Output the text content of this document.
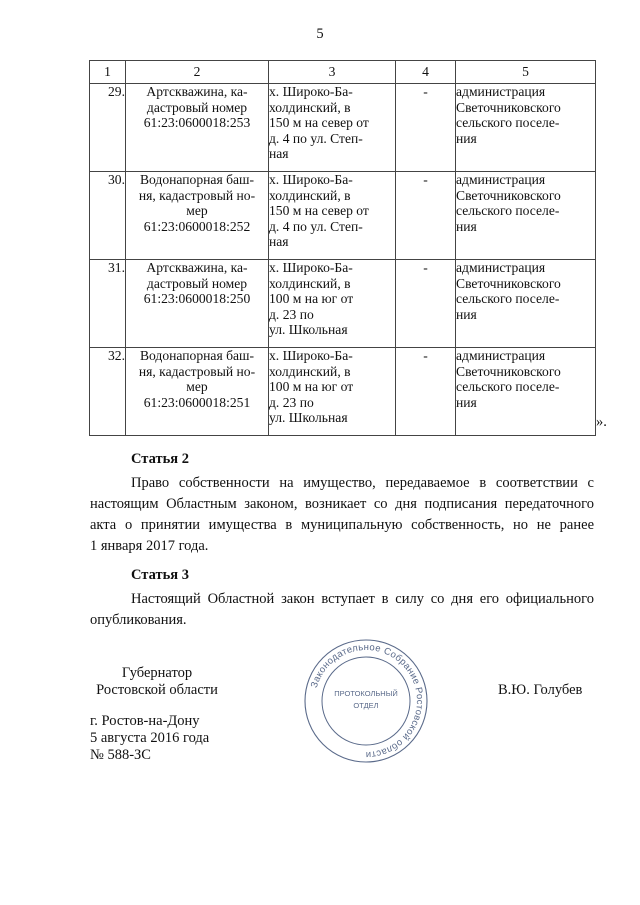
5
1	2	3	4	5
29.	Артскважина, ка-
дастровый номер
61:23:0600018:253	х. Широко-Ба-
холдинский, в
150 м на север от
д. 4 по ул. Степ-
ная	-	администрация
Светочниковского
сельского поселе-
ния

30.	Водонапорная баш-
ня, кадастровый но-
мер
61:23:0600018:252	х. Широко-Ба-
холдинский, в
150 м на север от
д. 4 по ул. Степ-
ная	-	администрация
Светочниковского
сельского поселе-
ния

31.	Артскважина, ка-
дастровый номер
61:23:0600018:250	х. Широко-Ба-
холдинский, в
100 м на юг от
д. 23 по
ул. Школьная	-	администрация
Светочниковского
сельского поселе-
ния

32.	Водонапорная баш-
ня, кадастровый но-
мер
61:23:0600018:251	х. Широко-Ба-
холдинский, в
100 м на юг от
д. 23 по
ул. Школьная	-	администрация
Светочниковского
сельского поселе-
ния
».
Статья 2
Право собственности на имущество, передаваемое в соответствии с
настоящим Областным законом, возникает со дня подписания передаточного
акта о принятии имущества в муниципальную собственность, но не ранее
1 января 2017 года.
Статья 3
Настоящий Областной закон вступает в силу со дня его официального
опубликования.
Губернатор
Ростовской области	В.Ю. Голубев
г. Ростов-на-Дону
5 августа 2016 года
№ 588-ЗС
Законодательное Собрание Ростовской области
ПРОТОКОЛЬНЫЙ
ОТДЕЛ
